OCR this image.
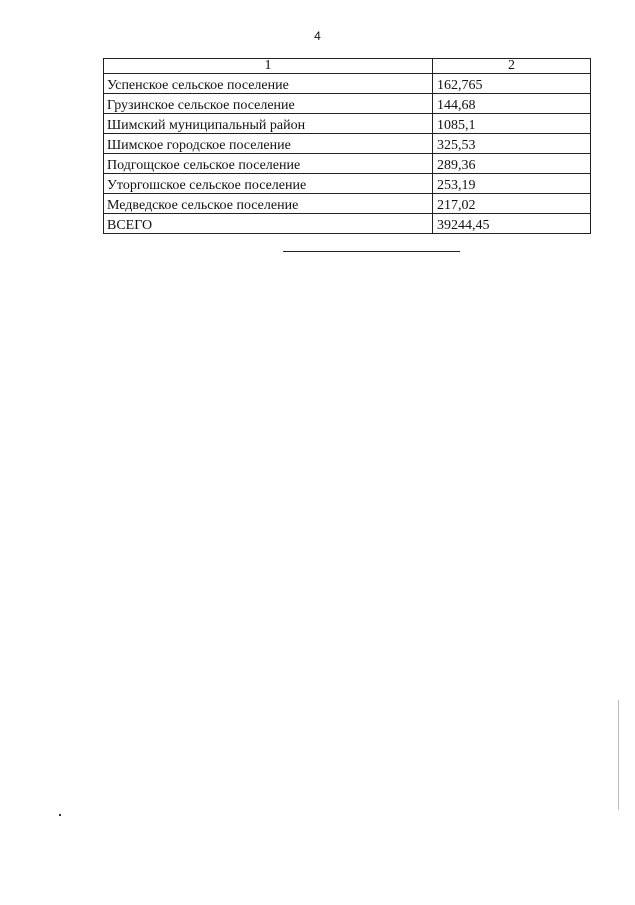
4
1	2
Успенское сельское поселение	162,765
Грузинское сельское поселение	144,68
Шимский муниципальный район	1085,1
Шимское городское поселение	325,53
Подгощское сельское поселение	289,36
Уторгошское сельское поселение	253,19
Медведское сельское поселение	217,02
ВСЕГО	39244,45
